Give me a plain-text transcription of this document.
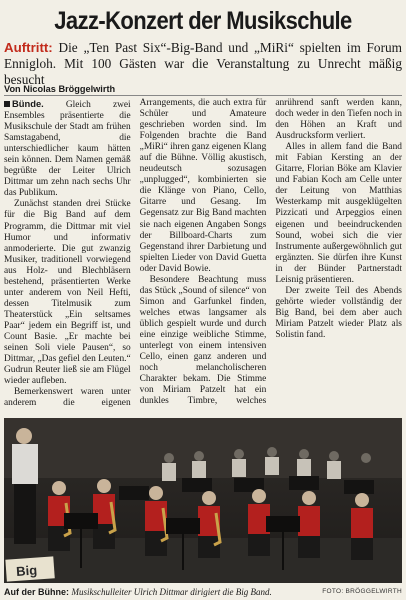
Jazz-Konzert der Musikschule
Auftritt: Die „Ten Past Six“-Big-Band und „MiRi“ spielten im Forum Ennigloh. Mit 100 Gästen war die Veranstaltung zu Unrecht mäßig besucht
Von Nicolas Bröggelwirth

Bünde. Gleich zwei Ensembles präsentierte die Musikschule der Stadt am frühen Samstagabend, die unterschiedlicher kaum hätten sein können. Dem Namen gemäß begrüßte der Leiter Ulrich Dittmar um zehn nach sechs Uhr das Publikum.

Zunächst standen drei Stücke für die Big Band auf dem Programm, die Dittmar mit viel Humor und informativ anmoderierte. Die gut zwanzig Musiker, traditionell vorwiegend aus Holz- und Blechbläsern bestehend, präsentierten Werke unter anderem von Neil Hefti, dessen Titelmusik zum Theaterstück „Ein seltsames Paar“ jedem ein Begriff ist, und Count Basie. „Er machte bei seinen Soli viele Pausen“, so Dittmar, „Das gefiel den Leuten.“ Gudrun Reuter ließ sie am Flügel wieder aufleben.

Bemerkenswert waren unter anderem die eigenen Arrangements, die auch extra für Schüler und Amateure geschrieben worden sind. Im Folgenden brachte die Band „MiRi“ ihren ganz eigenen Klang auf die Bühne. Völlig akustisch, neudeutsch sozusagen „unplugged“, kombinierten sie die Klänge von Piano, Cello, Gitarre und Gesang. Im Gegensatz zur Big Band machten sie nach eigenen Angaben Songs der Billboard-Charts zum Gegenstand ihrer Darbietung und spielten Lieder von David Guetta oder David Bowie.

Besondere Beachtung muss das Stück „Sound of silence“ von Simon and Garfunkel finden, welches etwas langsamer als üblich gespielt wurde und durch eine einzige weibliche Stimme, unterlegt von einem intensiven Cello, einen ganz anderen und noch melancholischeren Charakter bekam. Die Stimme von Miriam Patzelt hat ein dunkles Timbre, welches anrührend sanft werden kann, doch weder in den Tiefen noch in den Höhen an Kraft und Ausdrucksform verliert.

Alles in allem fand die Band mit Fabian Kersting an der Gitarre, Florian Böke am Klavier und Fabian Koch am Celle unter der Leitung von Matthias Westerkamp mit ausgeklügelten Pizzicati und Arpeggios einen eigenen und beeindruckenden Sound, wobei sich die vier Instrumente außergewöhnlich gut ergänzten. Sie dürfen ihre Kunst in der Bünder Partnerstadt Leisnig präsentieren.

Der zweite Teil des Abends gehörte wieder vollständig der Big Band, bei dem aber auch Miriam Patzelt wieder Platz als Solistin fand.

Big
Auf der Bühne: Musikschulleiter Ulrich Dittmar dirigiert die Big Band.	FOTO: BRÖGGELWIRTH
